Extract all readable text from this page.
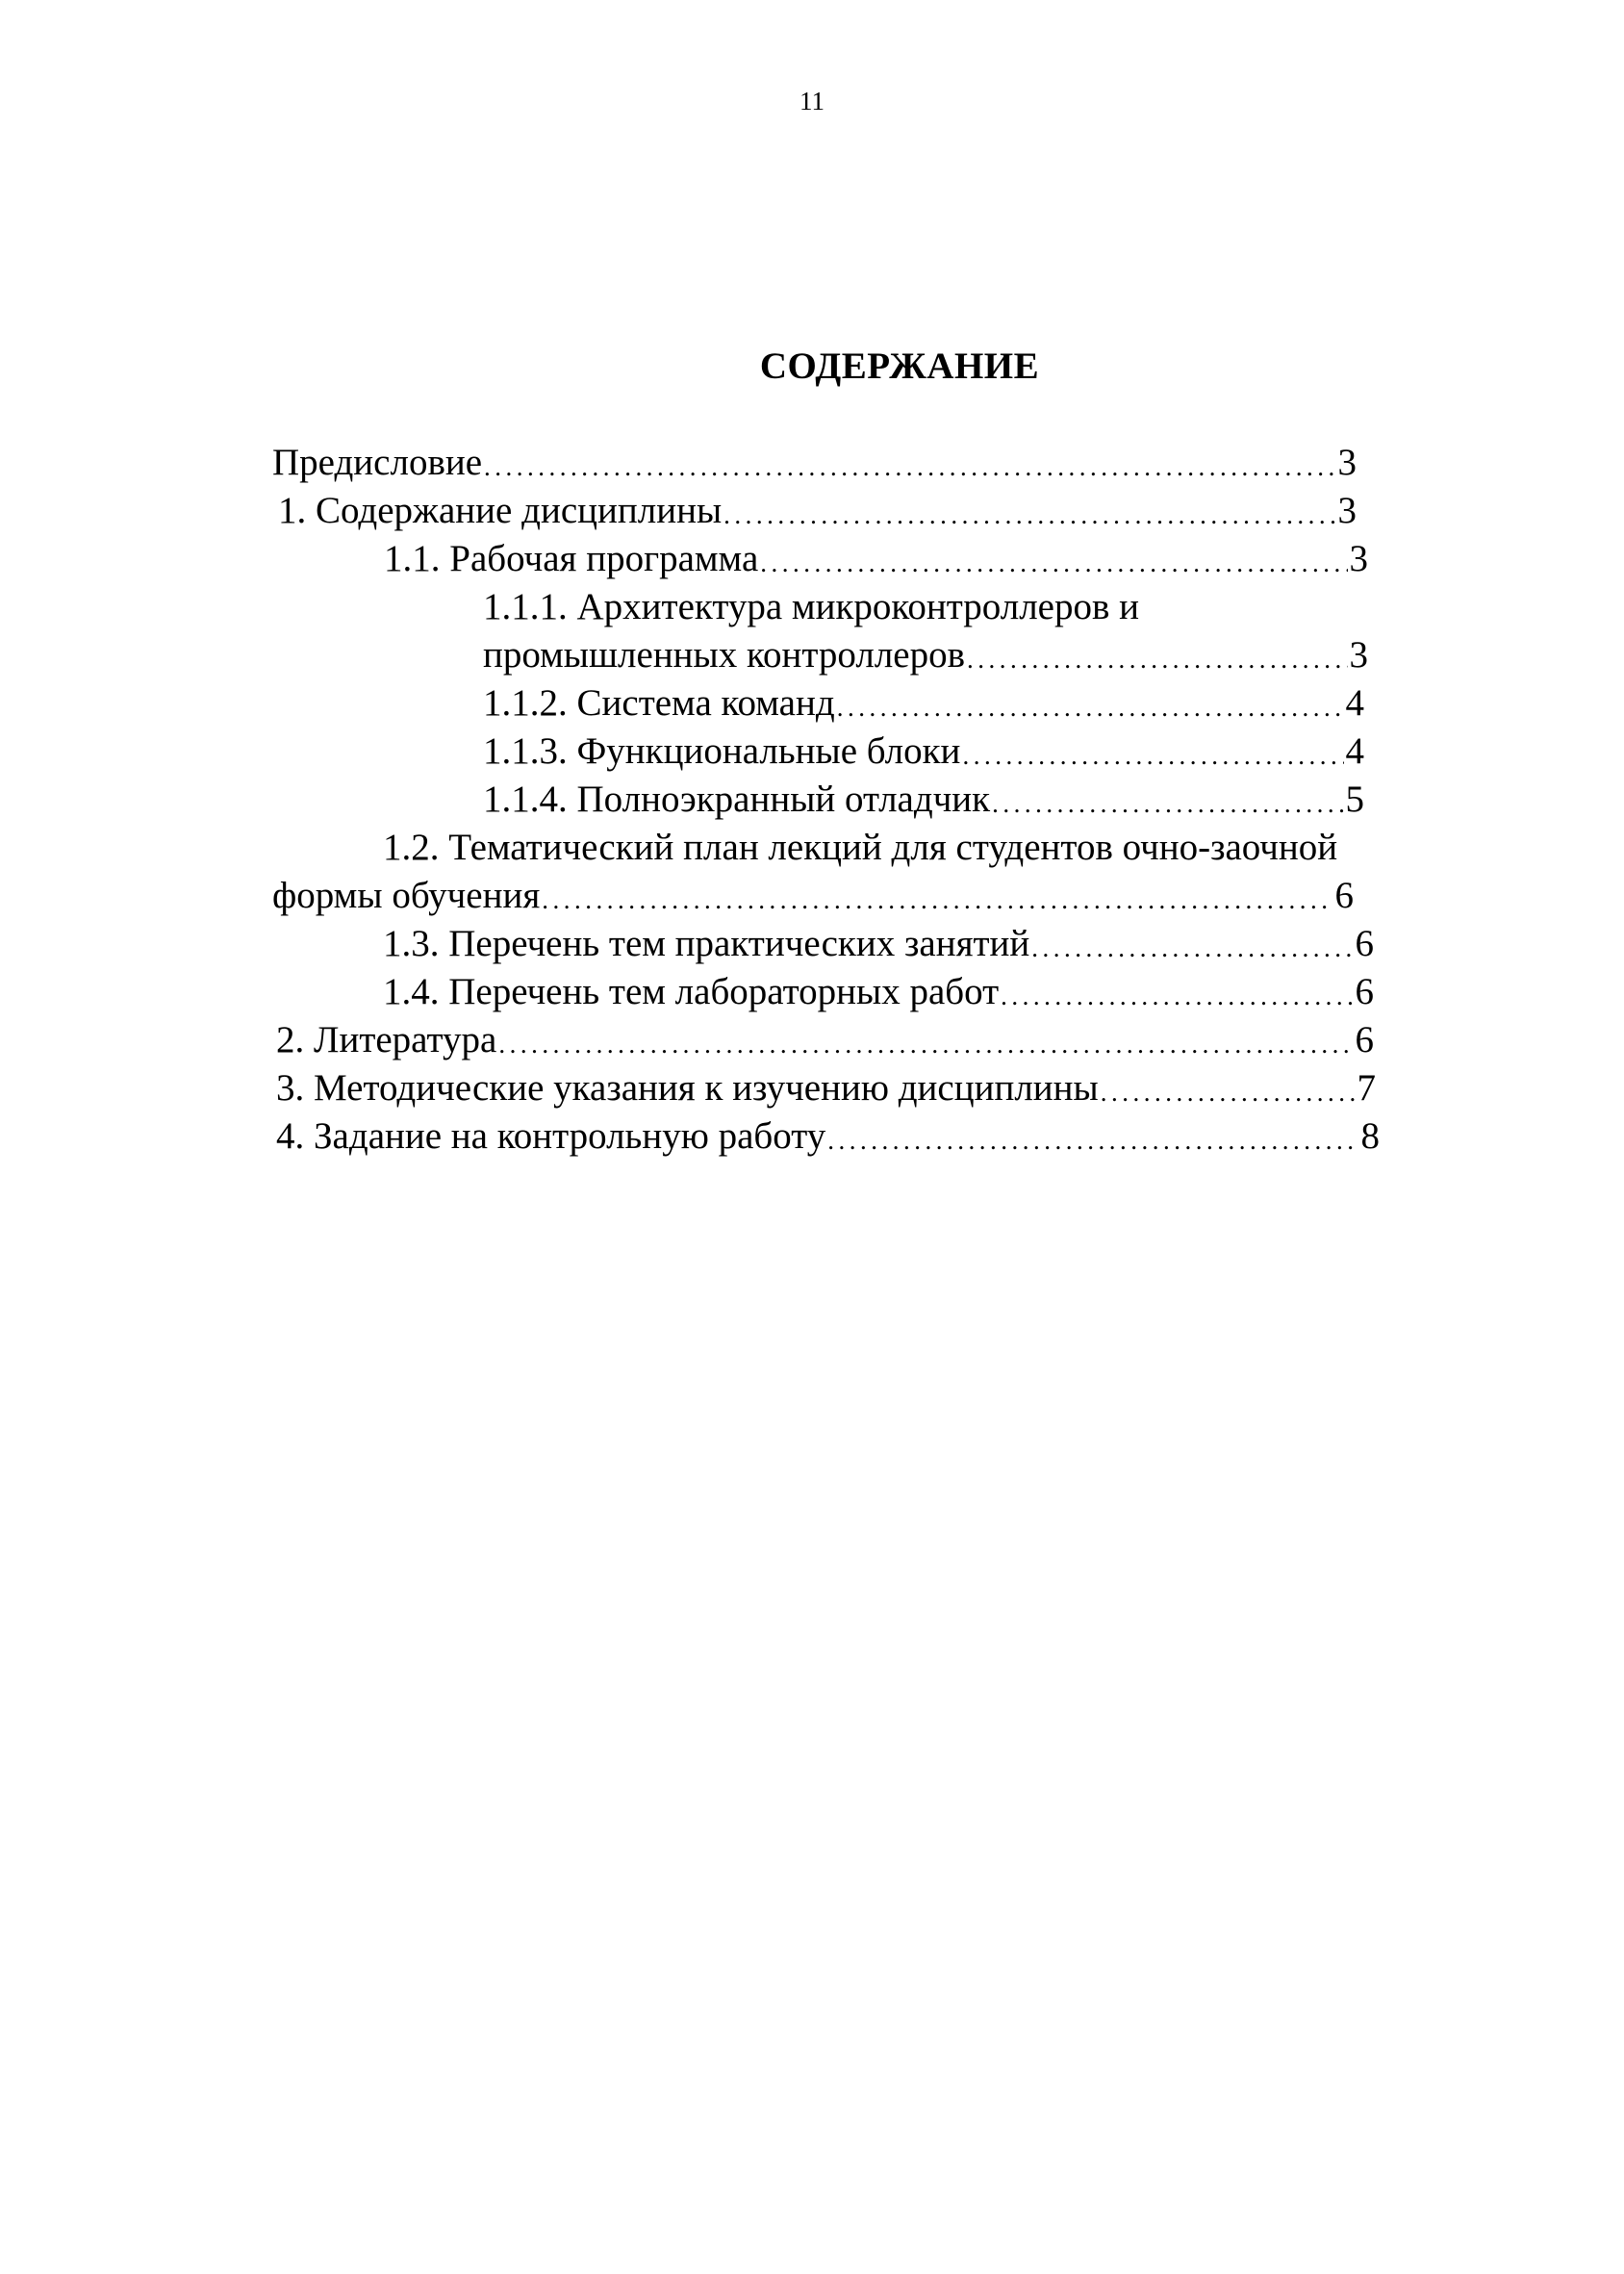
11
СОДЕРЖАНИЕ
Предисловие .....	3
1. Содержание дисциплины .....	3
1.1. Рабочая программа .....	3
1.1.1. Архитектура микроконтроллеров и
промышленных контроллеров .....	3
1.1.2. Система команд .....	4
1.1.3. Функциональные блоки .....	4
1.1.4. Полноэкранный отладчик .....	5
1.2. Тематический план лекций для студентов очно-заочной
формы обучения .....	6
1.3. Перечень тем практических занятий .....	6
1.4. Перечень тем лабораторных работ .....	6
2. Литература .....	6
3. Методические указания к изучению дисциплины .....	7
4. Задание на контрольную работу .....	8
